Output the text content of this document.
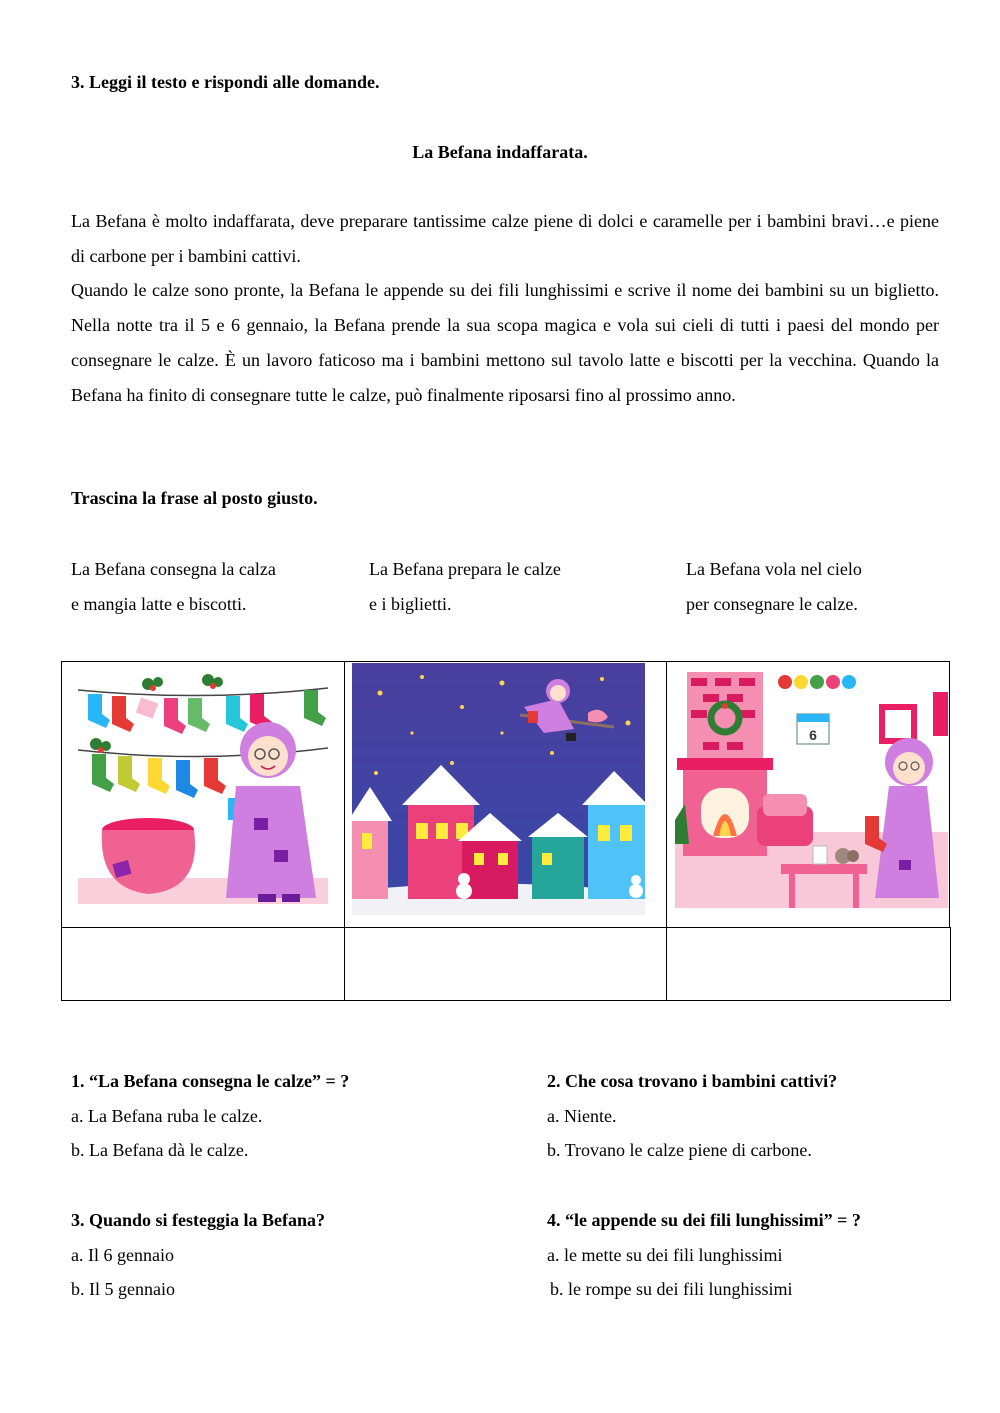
3. Leggi il testo e rispondi alle domande.
La Befana indaffarata.

La Befana è molto indaffarata, deve preparare tantissime calze piene di dolci e caramelle per i bambini bravi…e piene di carbone per i bambini cattivi.

Quando le calze sono pronte, la Befana le appende su dei fili lunghissimi e scrive il nome dei bambini su un biglietto. Nella notte tra il 5 e 6 gennaio, la Befana prende la sua scopa magica e vola sui cieli di tutti i paesi del mondo per consegnare le calze. È un lavoro faticoso ma i bambini mettono sul tavolo latte e biscotti per la vecchina. Quando la Befana ha finito di consegnare tutte le calze, può finalmente riposarsi fino al prossimo anno.

Trascina la frase al posto giusto.
La Befana consegna la calza
e mangia latte e biscotti.
La Befana prepara le calze
e i biglietti.
La Befana vola nel cielo
per consegnare le calze.
6
1. “La Befana consegna le calze” = ?
a. La Befana ruba le calze.
b. La Befana dà le calze.
2. Che cosa trovano i bambini cattivi?
a. Niente.
b. Trovano le calze piene di carbone.
3. Quando si festeggia la Befana?
a. Il 6 gennaio
b. Il 5 gennaio
4. “le appende su dei fili lunghissimi” = ?
a. le mette su dei fili lunghissimi
b. le rompe su dei fili lunghissimi
